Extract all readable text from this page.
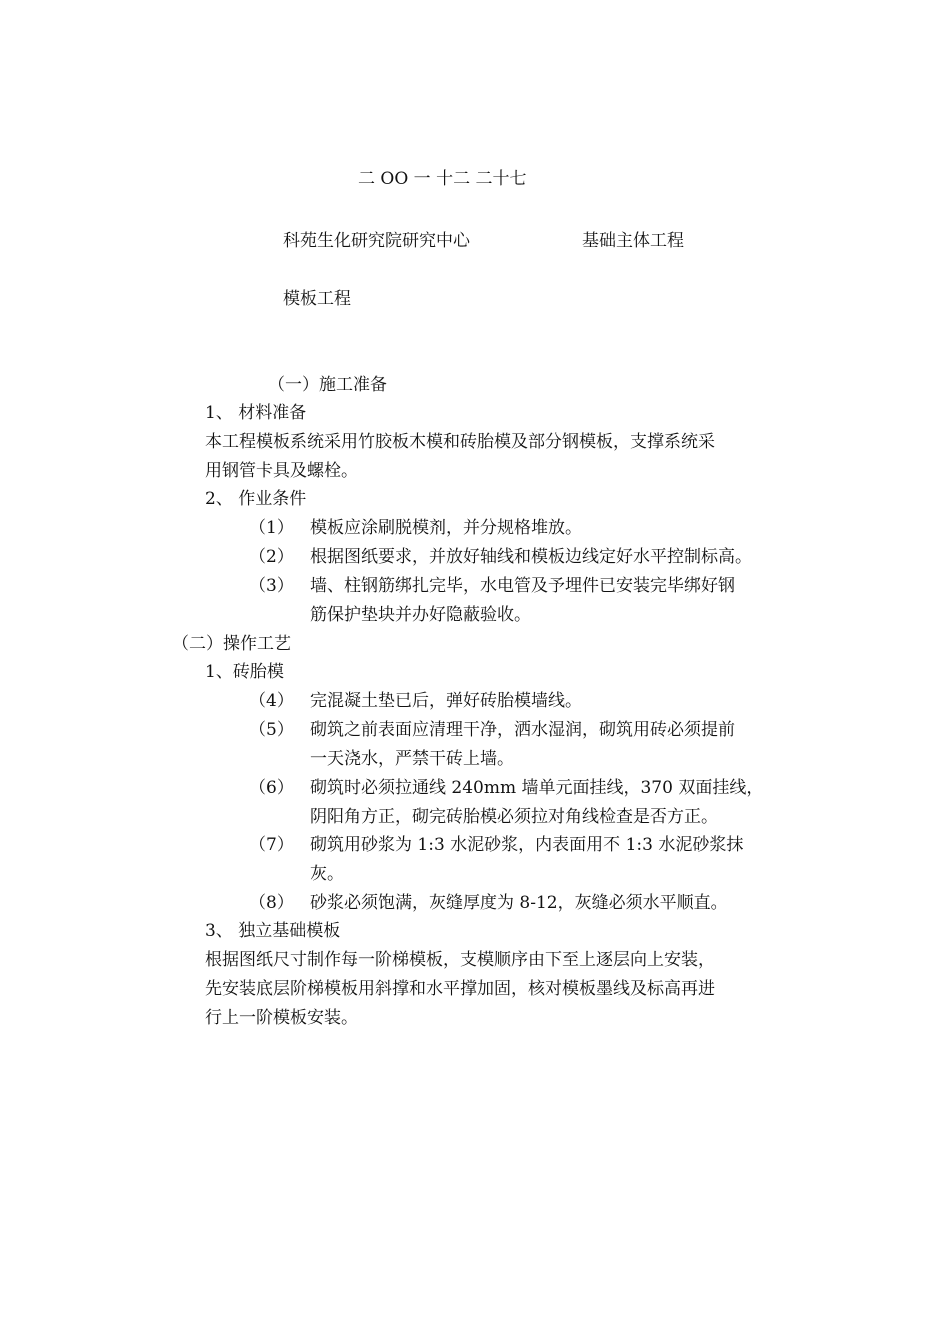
二 OO 一 十二 二十七
科苑生化研究院研究中心	基础主体工程
模板工程
（一）施工准备
1、 材料准备
本工程模板系统采用竹胶板木模和砖胎模及部分钢模板，支撑系统采
用钢管卡具及螺栓。
2、 作业条件
（1） 模板应涂刷脱模剂，并分规格堆放。
（2） 根据图纸要求，并放好轴线和模板边线定好水平控制标高。
（3） 墙、柱钢筋绑扎完毕，水电管及予埋件已安装完毕绑好钢
筋保护垫块并办好隐蔽验收。
（二）操作工艺
1、砖胎模
（4） 完混凝土垫已后，弹好砖胎模墙线。
（5） 砌筑之前表面应清理干净，洒水湿润，砌筑用砖必须提前
一天浇水，严禁干砖上墙。
（6） 砌筑时必须拉通线 240mm 墙单元面挂线，370 双面挂线，
阴阳角方正，砌完砖胎模必须拉对角线检查是否方正。
（7） 砌筑用砂浆为 1:3 水泥砂浆，内表面用不 1:3 水泥砂浆抹
灰。
（8） 砂浆必须饱满，灰缝厚度为 8-12，灰缝必须水平顺直。
3、 独立基础模板
根据图纸尺寸制作每一阶梯模板，支模顺序由下至上逐层向上安装，
先安装底层阶梯模板用斜撑和水平撑加固，核对模板墨线及标高再进
行上一阶模板安装。
